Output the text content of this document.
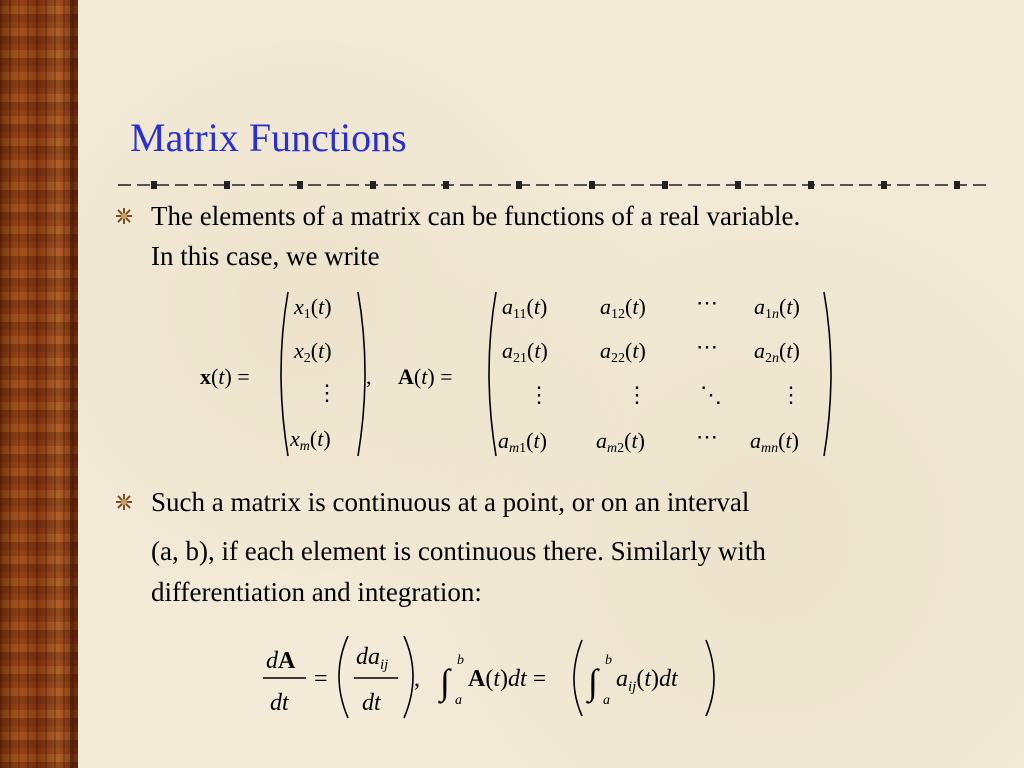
Matrix Functions
The elements of a matrix can be functions of a real variable.
In this case, we write
Such a matrix is continuous at a point, or on an interval
(a, b), if each element is continuous there. Similarly with
differentiation and integration:
x(t) =
x1(t)
x2(t)
⋮
xm(t)
, A(t) =
a11(t) a12(t) ⋯ a1n(t)
a21(t) a22(t) ⋯ a2n(t)
⋮	⋮ ⋱	⋮
am1(t) am2(t) ⋯ amn(t)
dA
dt
=
$da_{ij}$
dt
, ∫
b
a
A(t)dt = ∫
b
a
$a_{ij}(t)dt$
